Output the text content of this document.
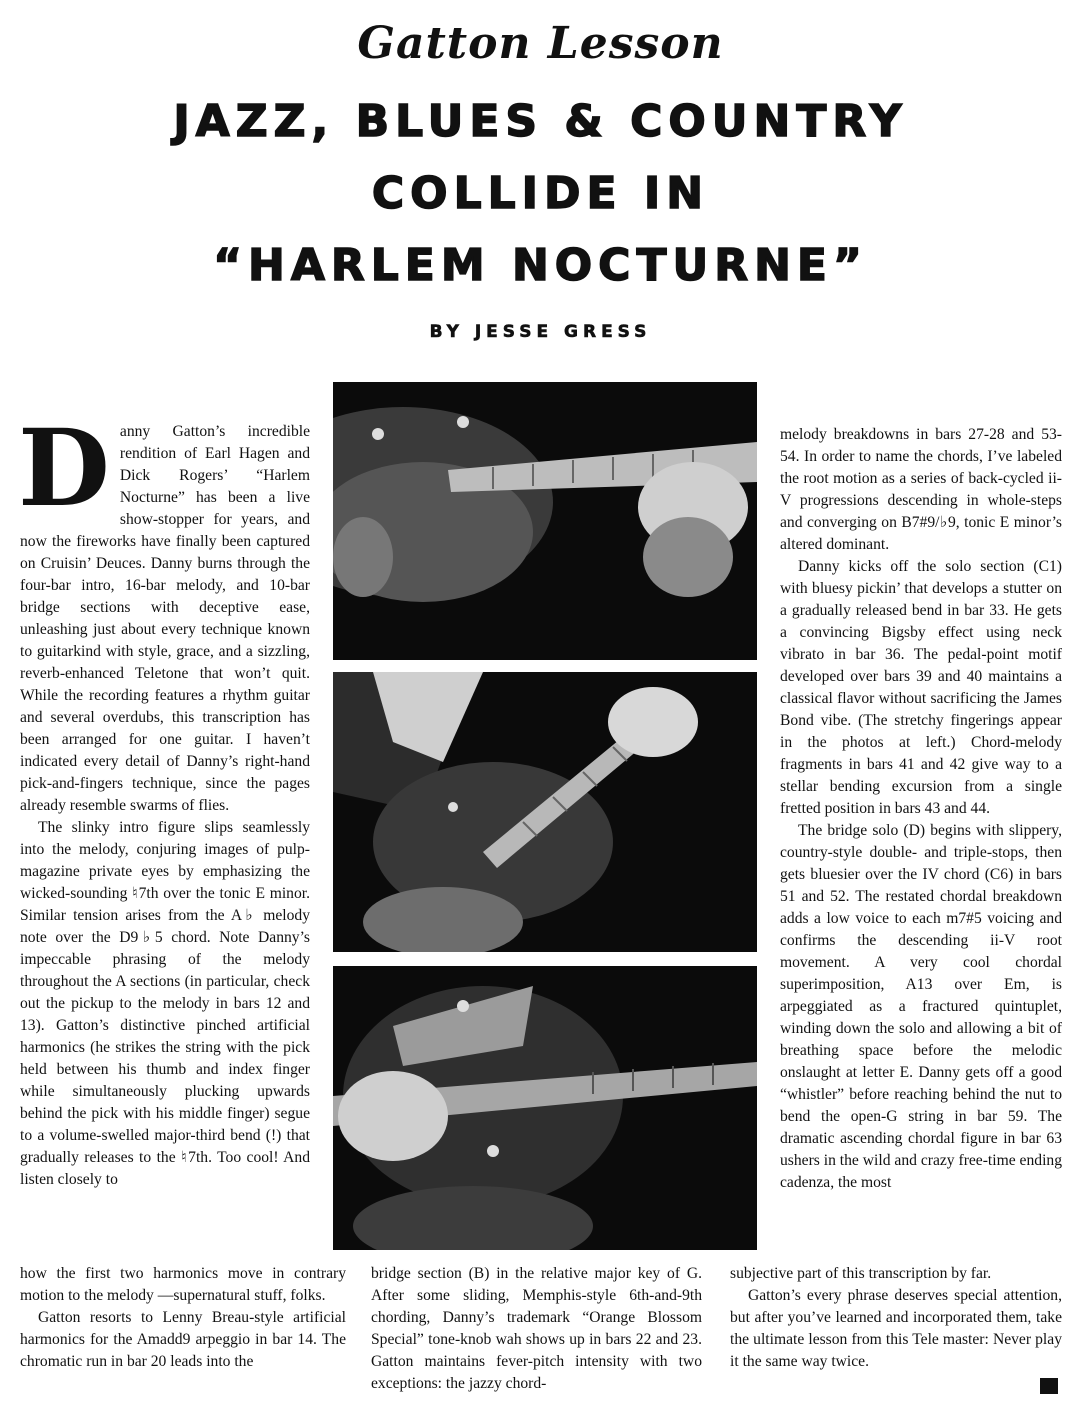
Gatton Lesson
JAZZ, BLUES & COUNTRY
COLLIDE IN
“HARLEM NOCTURNE”
BY JESSE GRESS

Danny Gatton’s incredible rendition of Earl Hagen and Dick Rogers’ “Harlem Nocturne” has been a live show-stopper for years, and now the fireworks have finally been captured on Cruisin’ Deuces. Danny burns through the four-bar intro, 16-bar melody, and 10-bar bridge sections with deceptive ease, unleashing just about every technique known to guitarkind with style, grace, and a sizzling, reverb-enhanced Teletone that won’t quit. While the recording features a rhythm guitar and several overdubs, this transcription has been arranged for one guitar. I haven’t indicated every detail of Danny’s right-hand pick-and-fingers technique, since the pages already resemble swarms of flies.

The slinky intro figure slips seamlessly into the melody, conjuring images of pulp-magazine private eyes by emphasizing the wicked-sounding ♮7th over the tonic E minor. Similar tension arises from the A♭ melody note over the D9♭5 chord. Note Danny’s impeccable phrasing of the melody throughout the A sections (in particular, check out the pickup to the melody in bars 12 and 13). Gatton’s distinctive pinched artificial harmonics (he strikes the string with the pick held between his thumb and index finger while simultaneously plucking upwards behind the pick with his middle finger) segue to a volume-swelled major-third bend (!) that gradually releases to the ♮7th. Too cool! And listen closely to

how the first two harmonics move in contrary motion to the melody —supernatural stuff, folks.

Gatton resorts to Lenny Breau-style artificial harmonics for the Amadd9 arpeggio in bar 14. The chromatic run in bar 20 leads into the

bridge section (B) in the relative major key of G. After some sliding, Memphis-style 6th-and-9th chording, Danny’s trademark “Orange Blossom Special” tone-knob wah shows up in bars 22 and 23. Gatton maintains fever-pitch intensity with two exceptions: the jazzy chord-

melody breakdowns in bars 27-28 and 53-54. In order to name the chords, I’ve labeled the root motion as a series of back-cycled ii-V progressions descending in whole-steps and converging on B7#9/♭9, tonic E minor’s altered dominant.

Danny kicks off the solo section (C1) with bluesy pickin’ that develops a stutter on a gradually released bend in bar 33. He gets a convincing Bigsby effect using neck vibrato in bar 36. The pedal-point motif developed over bars 39 and 40 maintains a classical flavor without sacrificing the James Bond vibe. (The stretchy fingerings appear in the photos at left.) Chord-melody fragments in bars 41 and 42 give way to a stellar bending excursion from a single fretted position in bars 43 and 44.

The bridge solo (D) begins with slippery, country-style double- and triple-stops, then gets bluesier over the IV chord (C6) in bars 51 and 52. The restated chordal breakdown adds a low voice to each m7#5 voicing and confirms the descending ii-V root movement. A very cool chordal superimposition, A13 over Em, is arpeggiated as a fractured quintuplet, winding down the solo and allowing a bit of breathing space before the melodic onslaught at letter E. Danny gets off a good “whistler” before reaching behind the nut to bend the open-G string in bar 59. The dramatic ascending chordal figure in bar 63 ushers in the wild and crazy free-time ending cadenza, the most

subjective part of this transcription by far.

Gatton’s every phrase deserves special attention, but after you’ve learned and incorporated them, take the ultimate lesson from this Tele master: Never play it the same way twice.
